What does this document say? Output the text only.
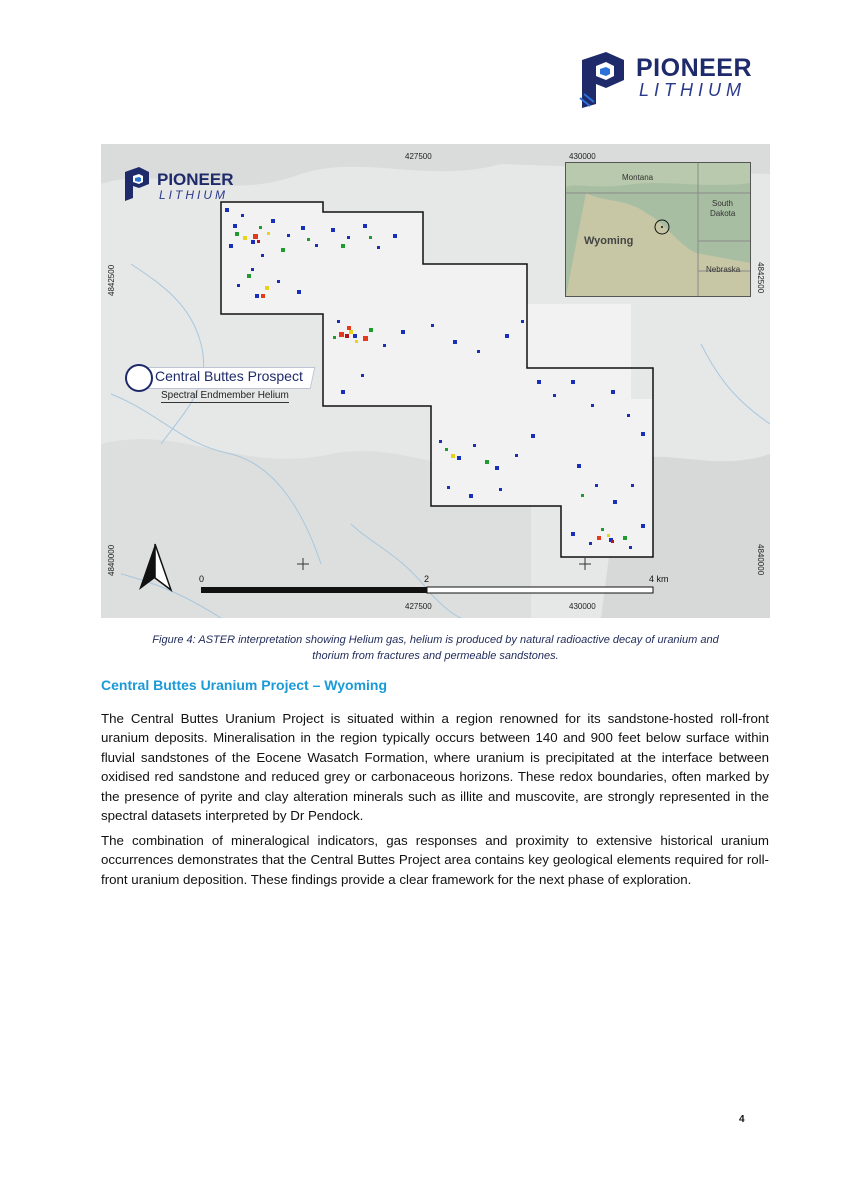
PIONEER
LITHIUM
427500	430000
427500	430000
4842500
4840000
4842500
4840000
PIONEER
LITHIUM
Central Buttes Prospect
Spectral Endmember Helium
Montana
South
Dakota
Wyoming
Nebraska
0	2	4 km
Figure 4: ASTER interpretation showing Helium gas, helium is produced by natural radioactive decay of uranium and
thorium from fractures and permeable sandstones.
Central Buttes Uranium Project – Wyoming

The Central Buttes Uranium Project is situated within a region renowned for its sandstone-hosted roll-front uranium deposits. Mineralisation in the region typically occurs between 140 and 900 feet below surface within fluvial sandstones of the Eocene Wasatch Formation, where uranium is precipitated at the interface between oxidised red sandstone and reduced grey or carbonaceous horizons. These redox boundaries, often marked by the presence of pyrite and clay alteration minerals such as illite and muscovite, are strongly represented in the spectral datasets interpreted by Dr Pendock.

The combination of mineralogical indicators, gas responses and proximity to extensive historical uranium occurrences demonstrates that the Central Buttes Project area contains key geological elements required for roll-front uranium deposition. These findings provide a clear framework for the next phase of exploration.

4
